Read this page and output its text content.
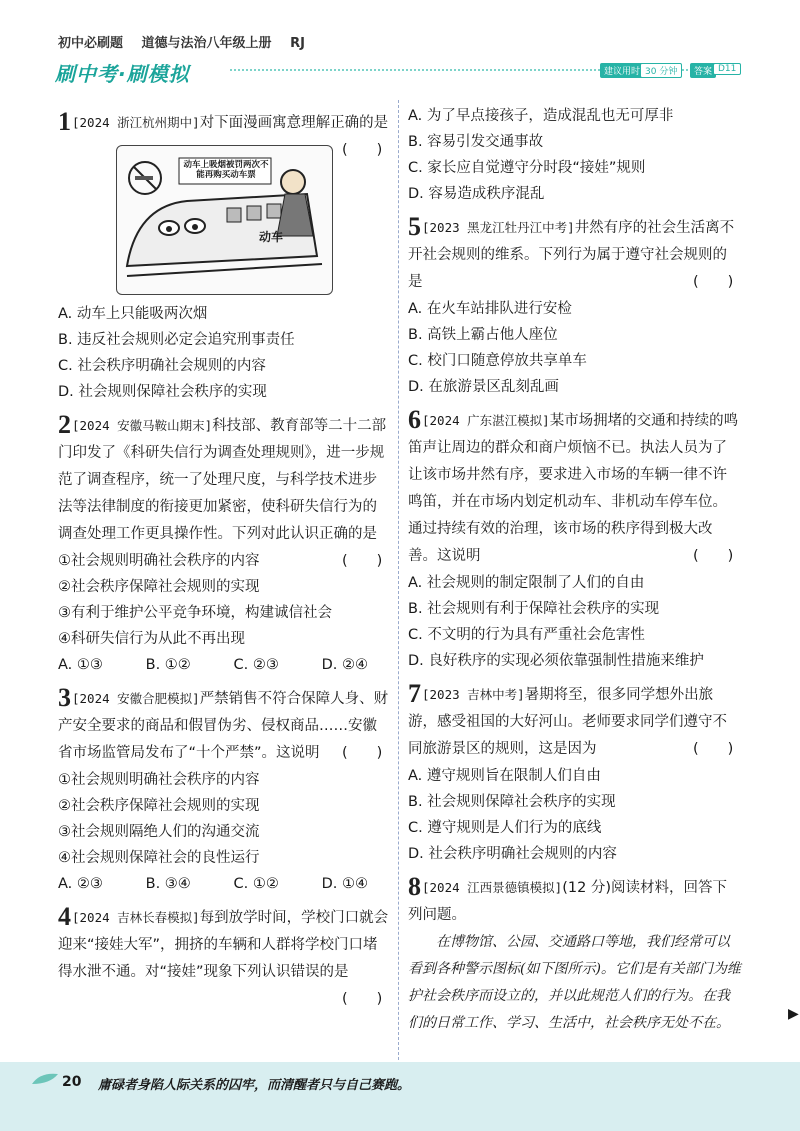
初中必刷题 道德与法治八年级上册 RJ
刷中考·刷模拟	建议用时 30 分钟	答案 D11
1[2024 浙江杭州期中]对下面漫画寓意理解正确的是
(　　)
动车上吸烟被罚两次不能再购买动车票
动车
A. 动车上只能吸两次烟
B. 违反社会规则必定会追究刑事责任
C. 社会秩序明确社会规则的内容
D. 社会规则保障社会秩序的实现
2[2024 安徽马鞍山期末]科技部、教育部等二十二部门印发了《科研失信行为调查处理规则》，进一步规范了调查程序，统一了处理尺度，与科学技术进步法等法律制度的衔接更加紧密，使科研失信行为的调查处理工作更具操作性。下列对此认识正确的是
(　　)
①社会规则明确社会秩序的内容
②社会秩序保障社会规则的实现
③有利于维护公平竞争环境，构建诚信社会
④科研失信行为从此不再出现
A. ①③	B. ①②	C. ②③	D. ②④
3[2024 安徽合肥模拟]严禁销售不符合保障人身、财产安全要求的商品和假冒伪劣、侵权商品……安徽省市场监管局发布了“十个严禁”。这说明 (　　)
①社会规则明确社会秩序的内容
②社会秩序保障社会规则的实现
③社会规则隔绝人们的沟通交流
④社会规则保障社会的良性运行
A. ②③	B. ③④	C. ①②	D. ①④
4[2024 吉林长春模拟]每到放学时间，学校门口就会迎来“接娃大军”，拥挤的车辆和人群将学校门口堵得水泄不通。对“接娃”现象下列认识错误的是
(　　)
A. 为了早点接孩子，造成混乱也无可厚非
B. 容易引发交通事故
C. 家长应自觉遵守分时段“接娃”规则
D. 容易造成秩序混乱
5[2023 黑龙江牡丹江中考]井然有序的社会生活离不开社会规则的维系。下列行为属于遵守社会规则的是	(　　)
A. 在火车站排队进行安检
B. 高铁上霸占他人座位
C. 校门口随意停放共享单车
D. 在旅游景区乱刻乱画
6[2024 广东湛江模拟]某市场拥堵的交通和持续的鸣笛声让周边的群众和商户烦恼不已。执法人员为了让该市场井然有序，要求进入市场的车辆一律不许鸣笛，并在市场内划定机动车、非机动车停车位。通过持续有效的治理，该市场的秩序得到极大改善。这说明	(　　)
A. 社会规则的制定限制了人们的自由
B. 社会规则有利于保障社会秩序的实现
C. 不文明的行为具有严重社会危害性
D. 良好秩序的实现必须依靠强制性措施来维护
7[2023 吉林中考]暑期将至，很多同学想外出旅游，感受祖国的大好河山。老师要求同学们遵守不同旅游景区的规则，这是因为	(　　)
A. 遵守规则旨在限制人们自由
B. 社会规则保障社会秩序的实现
C. 遵守规则是人们行为的底线
D. 社会秩序明确社会规则的内容
8[2024 江西景德镇模拟](12 分)阅读材料，回答下列问题。
在博物馆、公园、交通路口等地，我们经常可以看到各种警示图标(如下图所示)。它们是有关部门为维护社会秩序而设立的，并以此规范人们的行为。在我们的日常工作、学习、生活中，社会秩序无处不在。
▶
20 庸碌者身陷人际关系的囚牢，而清醒者只与自己赛跑。
